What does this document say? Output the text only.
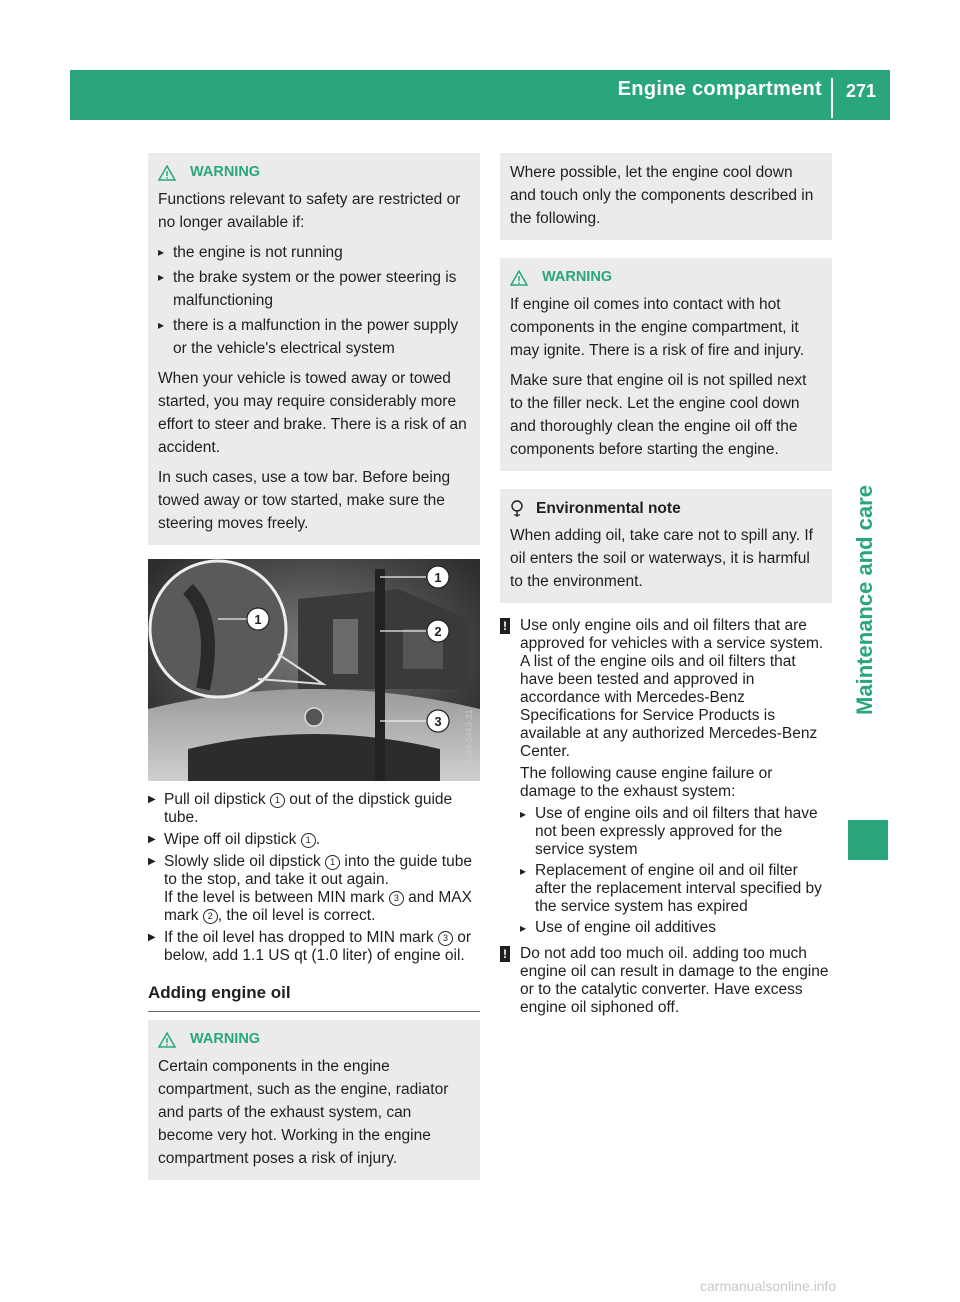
Engine compartment 271
Maintenance and care
WARNING

Functions relevant to safety are restricted or no longer available if:

▸ the engine is not running
▸ the brake system or the power steering is malfunctioning
▸ there is a malfunction in the power supply or the vehicle's electrical system

When your vehicle is towed away or towed started, you may require considerably more effort to steer and brake. There is a risk of an accident.

In such cases, use a tow bar. Before being towed away or tow started, make sure the steering moves freely.

1
1
2
3 P01.00-2443-31
▶ Pull oil dipstick 1 out of the dipstick guide tube.
▶ Wipe off oil dipstick 1 .
▶ Slowly slide oil dipstick 1 into the guide tube to the stop, and take it out again.
If the level is between MIN mark 3 and MAX mark 2 , the oil level is correct.
▶ If the oil level has dropped to MIN mark 3 or below, add 1.1 US qt (1.0 liter) of engine oil.
Adding engine oil
WARNING

Certain components in the engine compartment, such as the engine, radiator and parts of the exhaust system, can become very hot. Working in the engine compartment poses a risk of injury.

Where possible, let the engine cool down and touch only the components described in the following.

WARNING

If engine oil comes into contact with hot components in the engine compartment, it may ignite. There is a risk of fire and injury.

Make sure that engine oil is not spilled next to the filler neck. Let the engine cool down and thoroughly clean the engine oil off the components before starting the engine.

Environmental note

When adding oil, take care not to spill any. If oil enters the soil or waterways, it is harmful to the environment.

! Use only engine oils and oil filters that are approved for vehicles with a service system. A list of the engine oils and oil filters that have been tested and approved in accordance with Mercedes-Benz Specifications for Service Products is available at any authorized Mercedes-Benz Center.

The following cause engine failure or damage to the exhaust system:

▸ Use of engine oils and oil filters that have not been expressly approved for the service system
▸ Replacement of engine oil and oil filter after the replacement interval specified by the service system has expired
▸ Use of engine oil additives
! Do not add too much oil. adding too much engine oil can result in damage to the engine or to the catalytic converter. Have excess engine oil siphoned off.

carmanualsonline.info
